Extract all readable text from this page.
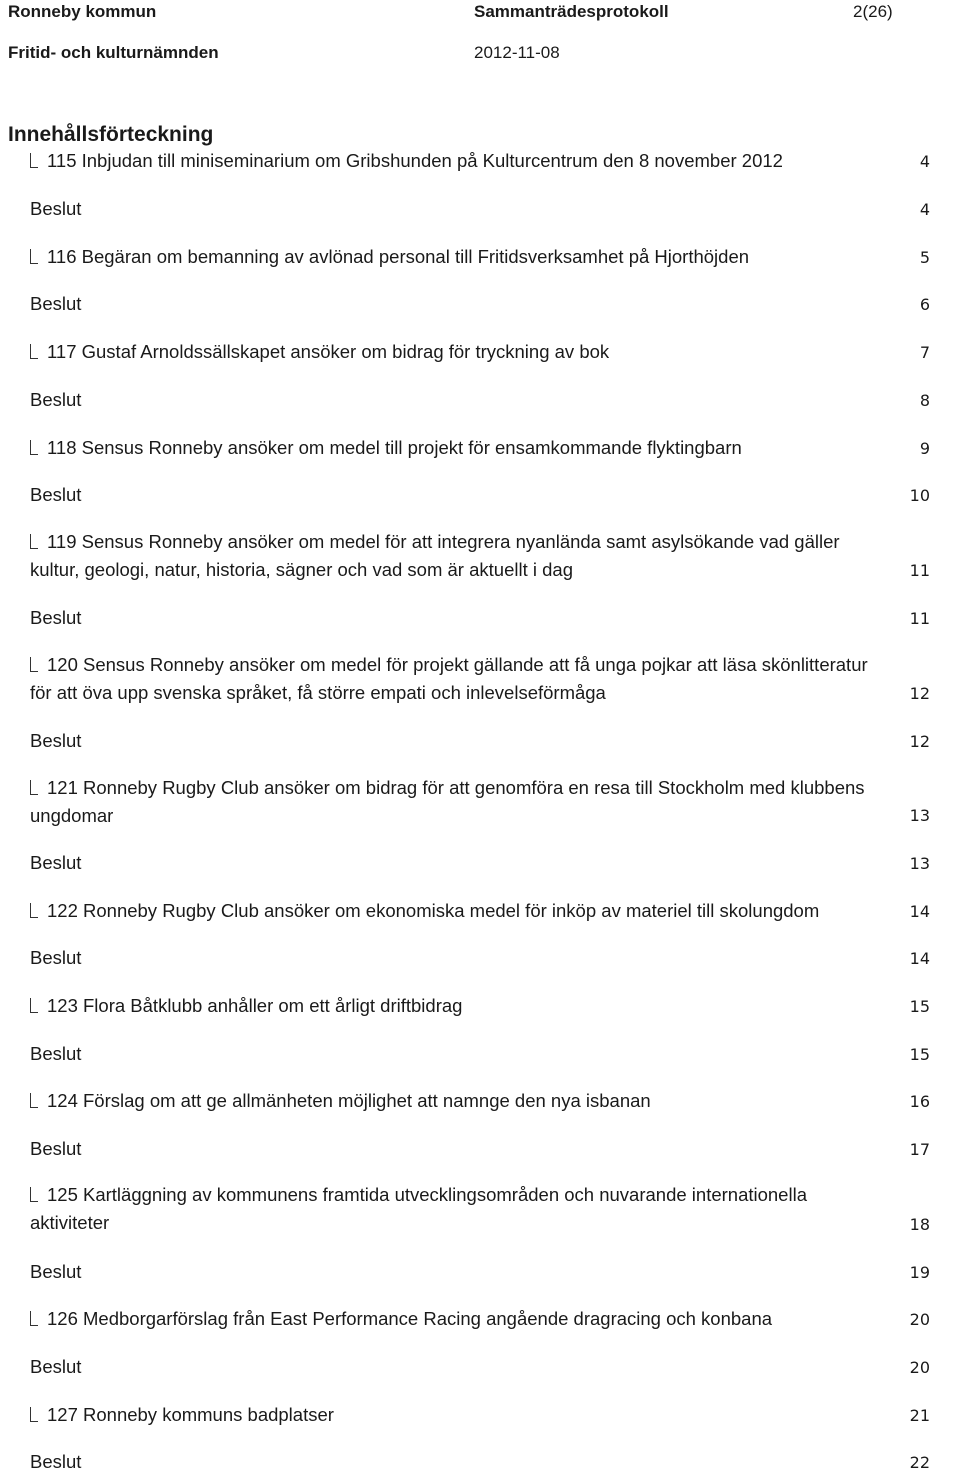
Ronneby kommun	Sammanträdesprotokoll	2(26)
Fritid- och kulturnämnden	2012-11-08
Innehållsförteckning
115 Inbjudan till miniseminarium om Gribshunden på Kulturcentrum den 8 november 2012	4
Beslut	4
116 Begäran om bemanning av avlönad personal till Fritidsverksamhet på Hjorthöjden	5
Beslut	6
117 Gustaf Arnoldssällskapet ansöker om bidrag för tryckning av bok	7
Beslut	8
118 Sensus Ronneby ansöker om medel till projekt för ensamkommande flyktingbarn	9
Beslut	10
119 Sensus Ronneby ansöker om medel för att integrera nyanlända samt asylsökande vad gäller kultur, geologi, natur, historia, sägner och vad som är aktuellt i dag	11
Beslut	11
120 Sensus Ronneby ansöker om medel för projekt gällande att få unga pojkar att läsa skönlitteratur för att öva upp svenska språket, få större empati och inlevelseförmåga	12
Beslut	12
121 Ronneby Rugby Club ansöker om bidrag för att genomföra en resa till Stockholm med klubbens ungdomar	13
Beslut	13
122 Ronneby Rugby Club ansöker om ekonomiska medel för inköp av materiel till skolungdom	14
Beslut	14
123 Flora Båtklubb anhåller om ett årligt driftbidrag	15
Beslut	15
124 Förslag om att ge allmänheten möjlighet att namnge den nya isbanan	16
Beslut	17
125 Kartläggning av kommunens framtida utvecklingsområden och nuvarande internationella aktiviteter	18
Beslut	19
126 Medborgarförslag från East Performance Racing angående dragracing och konbana	20
Beslut	20
127 Ronneby kommuns badplatser	21
Beslut	22
